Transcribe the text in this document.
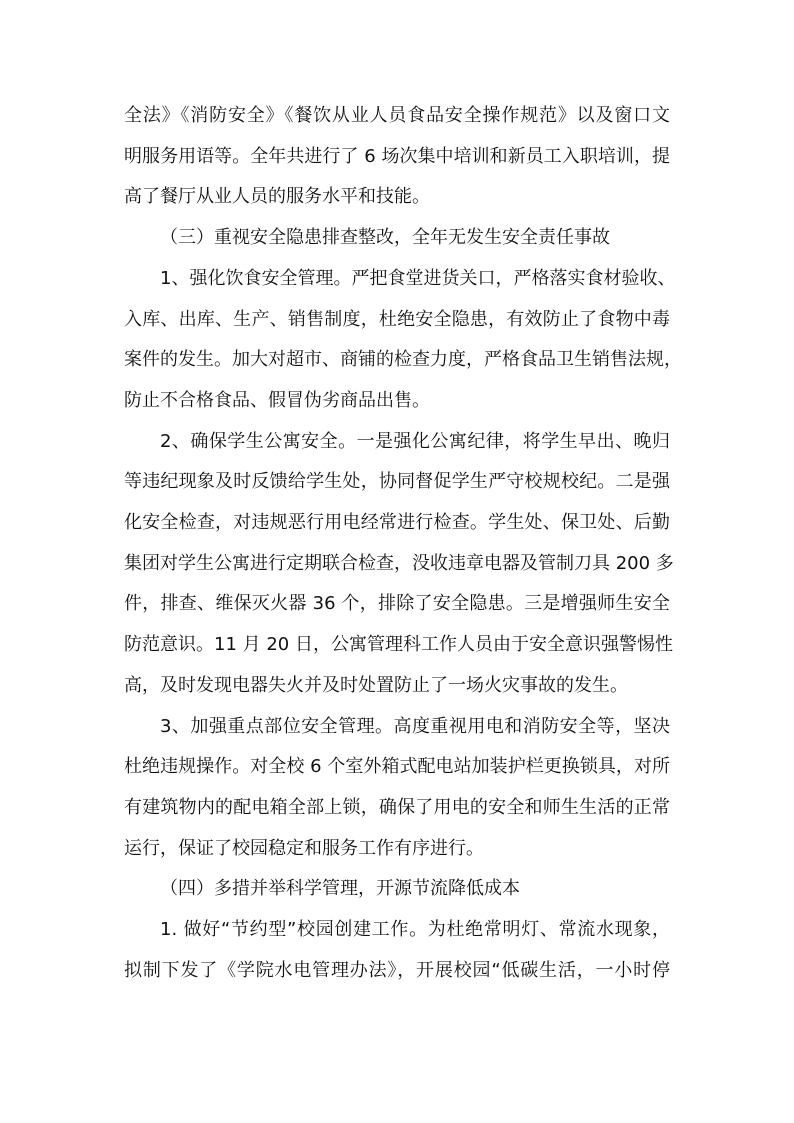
全法》《消防安全》《餐饮从业人员食品安全操作规范》以及窗口文
明服务用语等。全年共进行了 6 场次集中培训和新员工入职培训，提
高了餐厅从业人员的服务水平和技能。
（三）重视安全隐患排查整改，全年无发生安全责任事故
1、强化饮食安全管理。严把食堂进货关口，严格落实食材验收、
入库、出库、生产、销售制度，杜绝安全隐患，有效防止了食物中毒
案件的发生。加大对超市、商铺的检查力度，严格食品卫生销售法规，
防止不合格食品、假冒伪劣商品出售。
2、确保学生公寓安全。一是强化公寓纪律，将学生早出、晚归
等违纪现象及时反馈给学生处，协同督促学生严守校规校纪。二是强
化安全检查，对违规恶行用电经常进行检查。学生处、保卫处、后勤
集团对学生公寓进行定期联合检查，没收违章电器及管制刀具 200 多
件，排查、维保灭火器 36 个，排除了安全隐患。三是增强师生安全
防范意识。11 月 20 日，公寓管理科工作人员由于安全意识强警惕性
高，及时发现电器失火并及时处置防止了一场火灾事故的发生。
3、加强重点部位安全管理。高度重视用电和消防安全等，坚决
杜绝违规操作。对全校 6 个室外箱式配电站加装护栏更换锁具，对所
有建筑物内的配电箱全部上锁，确保了用电的安全和师生生活的正常
运行，保证了校园稳定和服务工作有序进行。
（四）多措并举科学管理，开源节流降低成本
1. 做好“节约型”校园创建工作。为杜绝常明灯、常流水现象，
拟制下发了《学院水电管理办法》，开展校园“低碳生活，一小时停
